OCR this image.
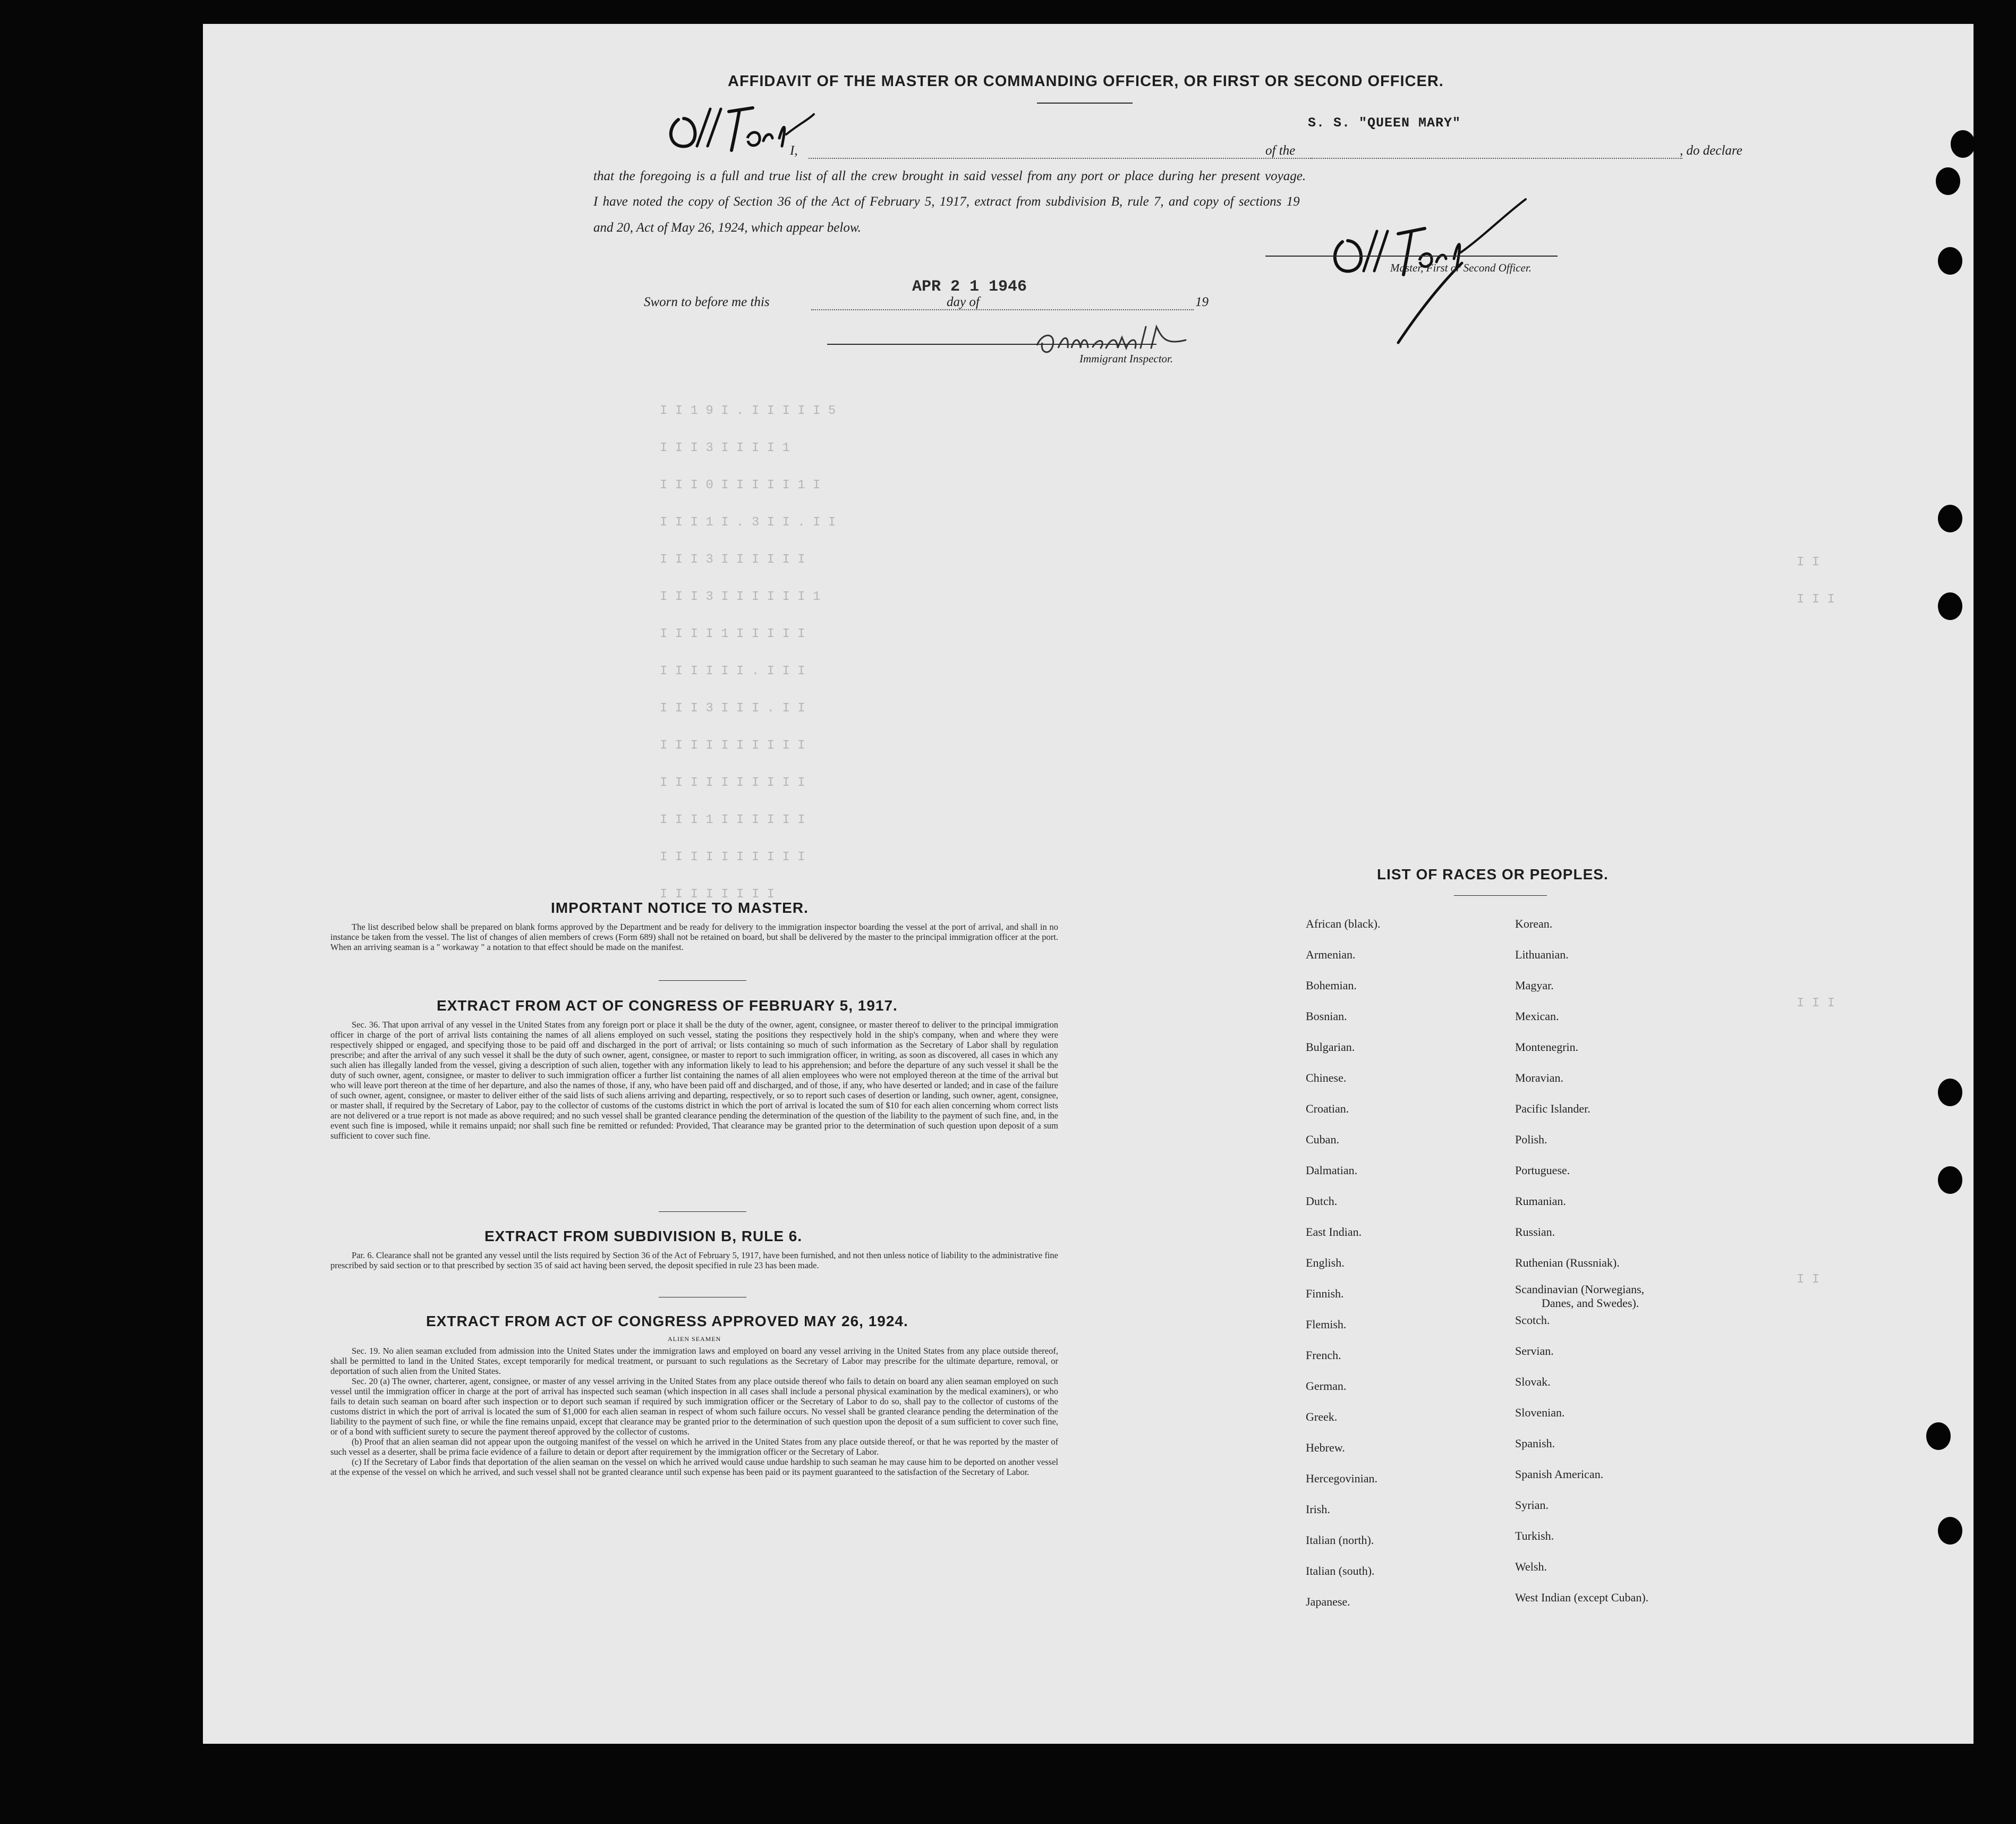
I I 1 9 I . I I I I I 5
I I I 3 I I I I 1
I I I 0 I I I I I 1 I
I I I 1 I . 3 I I . I I
I I I 3 I I I I I I
I I I 3 I I I I I I 1
I I I I 1 I I I I I
I I I I I I . I I I
I I I 3 I I I . I I
I I I I I I I I I I
I I I I I I I I I I
I I I 1 I I I I I I
I I I I I I I I I I
I I I I I I I I
I I
I I I
I I I
I I
AFFIDAVIT OF THE MASTER OR COMMANDING OFFICER, OR FIRST OR SECOND OFFICER.
I,	of the
S. S. "QUEEN MARY"
, do declare
that the foregoing is a full and true list of all the crew brought in said vessel from any port or place during her present voyage.
I have noted the copy of Section 36 of the Act of February 5, 1917, extract from subdivision B, rule 7, and copy of sections 19
and 20, Act of May 26, 1924, which appear below.
Master, First or Second Officer.
Sworn to before me this
APR 2 1 1946
day of	19
Immigrant Inspector.
IMPORTANT NOTICE TO MASTER.

The list described below shall be prepared on blank forms approved by the Department and be ready for delivery to the immigration inspector boarding the vessel at the port of arrival, and shall in no instance be taken from the vessel. The list of changes of alien members of crews (Form 689) shall not be retained on board, but shall be delivered by the master to the principal immigration officer at the port. When an arriving seaman is a " workaway " a notation to that effect should be made on the manifest.

EXTRACT FROM ACT OF CONGRESS OF FEBRUARY 5, 1917.

Sec. 36. That upon arrival of any vessel in the United States from any foreign port or place it shall be the duty of the owner, agent, consignee, or master thereof to deliver to the principal immigration officer in charge of the port of arrival lists containing the names of all aliens employed on such vessel, stating the positions they respectively hold in the ship's company, when and where they were respectively shipped or engaged, and specifying those to be paid off and discharged in the port of arrival; or lists containing so much of such information as the Secretary of Labor shall by regulation prescribe; and after the arrival of any such vessel it shall be the duty of such owner, agent, consignee, or master to report to such immigration officer, in writing, as soon as discovered, all cases in which any such alien has illegally landed from the vessel, giving a description of such alien, together with any information likely to lead to his apprehension; and before the departure of any such vessel it shall be the duty of such owner, agent, consignee, or master to deliver to such immigration officer a further list containing the names of all alien employees who were not employed thereon at the time of the arrival but who will leave port thereon at the time of her departure, and also the names of those, if any, who have been paid off and discharged, and of those, if any, who have deserted or landed; and in case of the failure of such owner, agent, consignee, or master to deliver either of the said lists of such aliens arriving and departing, respectively, or so to report such cases of desertion or landing, such owner, agent, consignee, or master shall, if required by the Secretary of Labor, pay to the collector of customs of the customs district in which the port of arrival is located the sum of $10 for each alien concerning whom correct lists are not delivered or a true report is not made as above required; and no such vessel shall be granted clearance pending the determination of the question of the liability to the payment of such fine, and, in the event such fine is imposed, while it remains unpaid; nor shall such fine be remitted or refunded: Provided, That clearance may be granted prior to the determination of such question upon deposit of a sum sufficient to cover such fine.

EXTRACT FROM SUBDIVISION B, RULE 6.

Par. 6. Clearance shall not be granted any vessel until the lists required by Section 36 of the Act of February 5, 1917, have been furnished, and not then unless notice of liability to the administrative fine prescribed by said section or to that prescribed by section 35 of said act having been served, the deposit specified in rule 23 has been made.

EXTRACT FROM ACT OF CONGRESS APPROVED MAY 26, 1924.
ALIEN SEAMEN

Sec. 19. No alien seaman excluded from admission into the United States under the immigration laws and employed on board any vessel arriving in the United States from any place outside thereof, shall be permitted to land in the United States, except temporarily for medical treatment, or pursuant to such regulations as the Secretary of Labor may prescribe for the ultimate departure, removal, or deportation of such alien from the United States.

Sec. 20 (a) The owner, charterer, agent, consignee, or master of any vessel arriving in the United States from any place outside thereof who fails to detain on board any alien seaman employed on such vessel until the immigration officer in charge at the port of arrival has inspected such seaman (which inspection in all cases shall include a personal physical examination by the medical examiners), or who fails to detain such seaman on board after such inspection or to deport such seaman if required by such immigration officer or the Secretary of Labor to do so, shall pay to the collector of customs of the customs district in which the port of arrival is located the sum of $1,000 for each alien seaman in respect of whom such failure occurs. No vessel shall be granted clearance pending the determination of the liability to the payment of such fine, or while the fine remains unpaid, except that clearance may be granted prior to the determination of such question upon the deposit of a sum sufficient to cover such fine, or of a bond with sufficient surety to secure the payment thereof approved by the collector of customs.

(b) Proof that an alien seaman did not appear upon the outgoing manifest of the vessel on which he arrived in the United States from any place outside thereof, or that he was reported by the master of such vessel as a deserter, shall be prima facie evidence of a failure to detain or deport after requirement by the immigration officer or the Secretary of Labor.

(c) If the Secretary of Labor finds that deportation of the alien seaman on the vessel on which he arrived would cause undue hardship to such seaman he may cause him to be deported on another vessel at the expense of the vessel on which he arrived, and such vessel shall not be granted clearance until such expense has been paid or its payment guaranteed to the satisfaction of the Secretary of Labor.

LIST OF RACES OR PEOPLES.
African (black).
Armenian.
Bohemian.
Bosnian.
Bulgarian.
Chinese.
Croatian.
Cuban.
Dalmatian.
Dutch.
East Indian.
English.
Finnish.
Flemish.
French.
German.
Greek.
Hebrew.
Hercegovinian.
Irish.
Italian (north).
Italian (south).
Japanese.
Korean.
Lithuanian.
Magyar.
Mexican.
Montenegrin.
Moravian.
Pacific Islander.
Polish.
Portuguese.
Rumanian.
Russian.
Ruthenian (Russniak).
Scandinavian (Norwegians,
Danes, and Swedes).
Scotch.
Servian.
Slovak.
Slovenian.
Spanish.
Spanish American.
Syrian.
Turkish.
Welsh.
West Indian (except Cuban).
